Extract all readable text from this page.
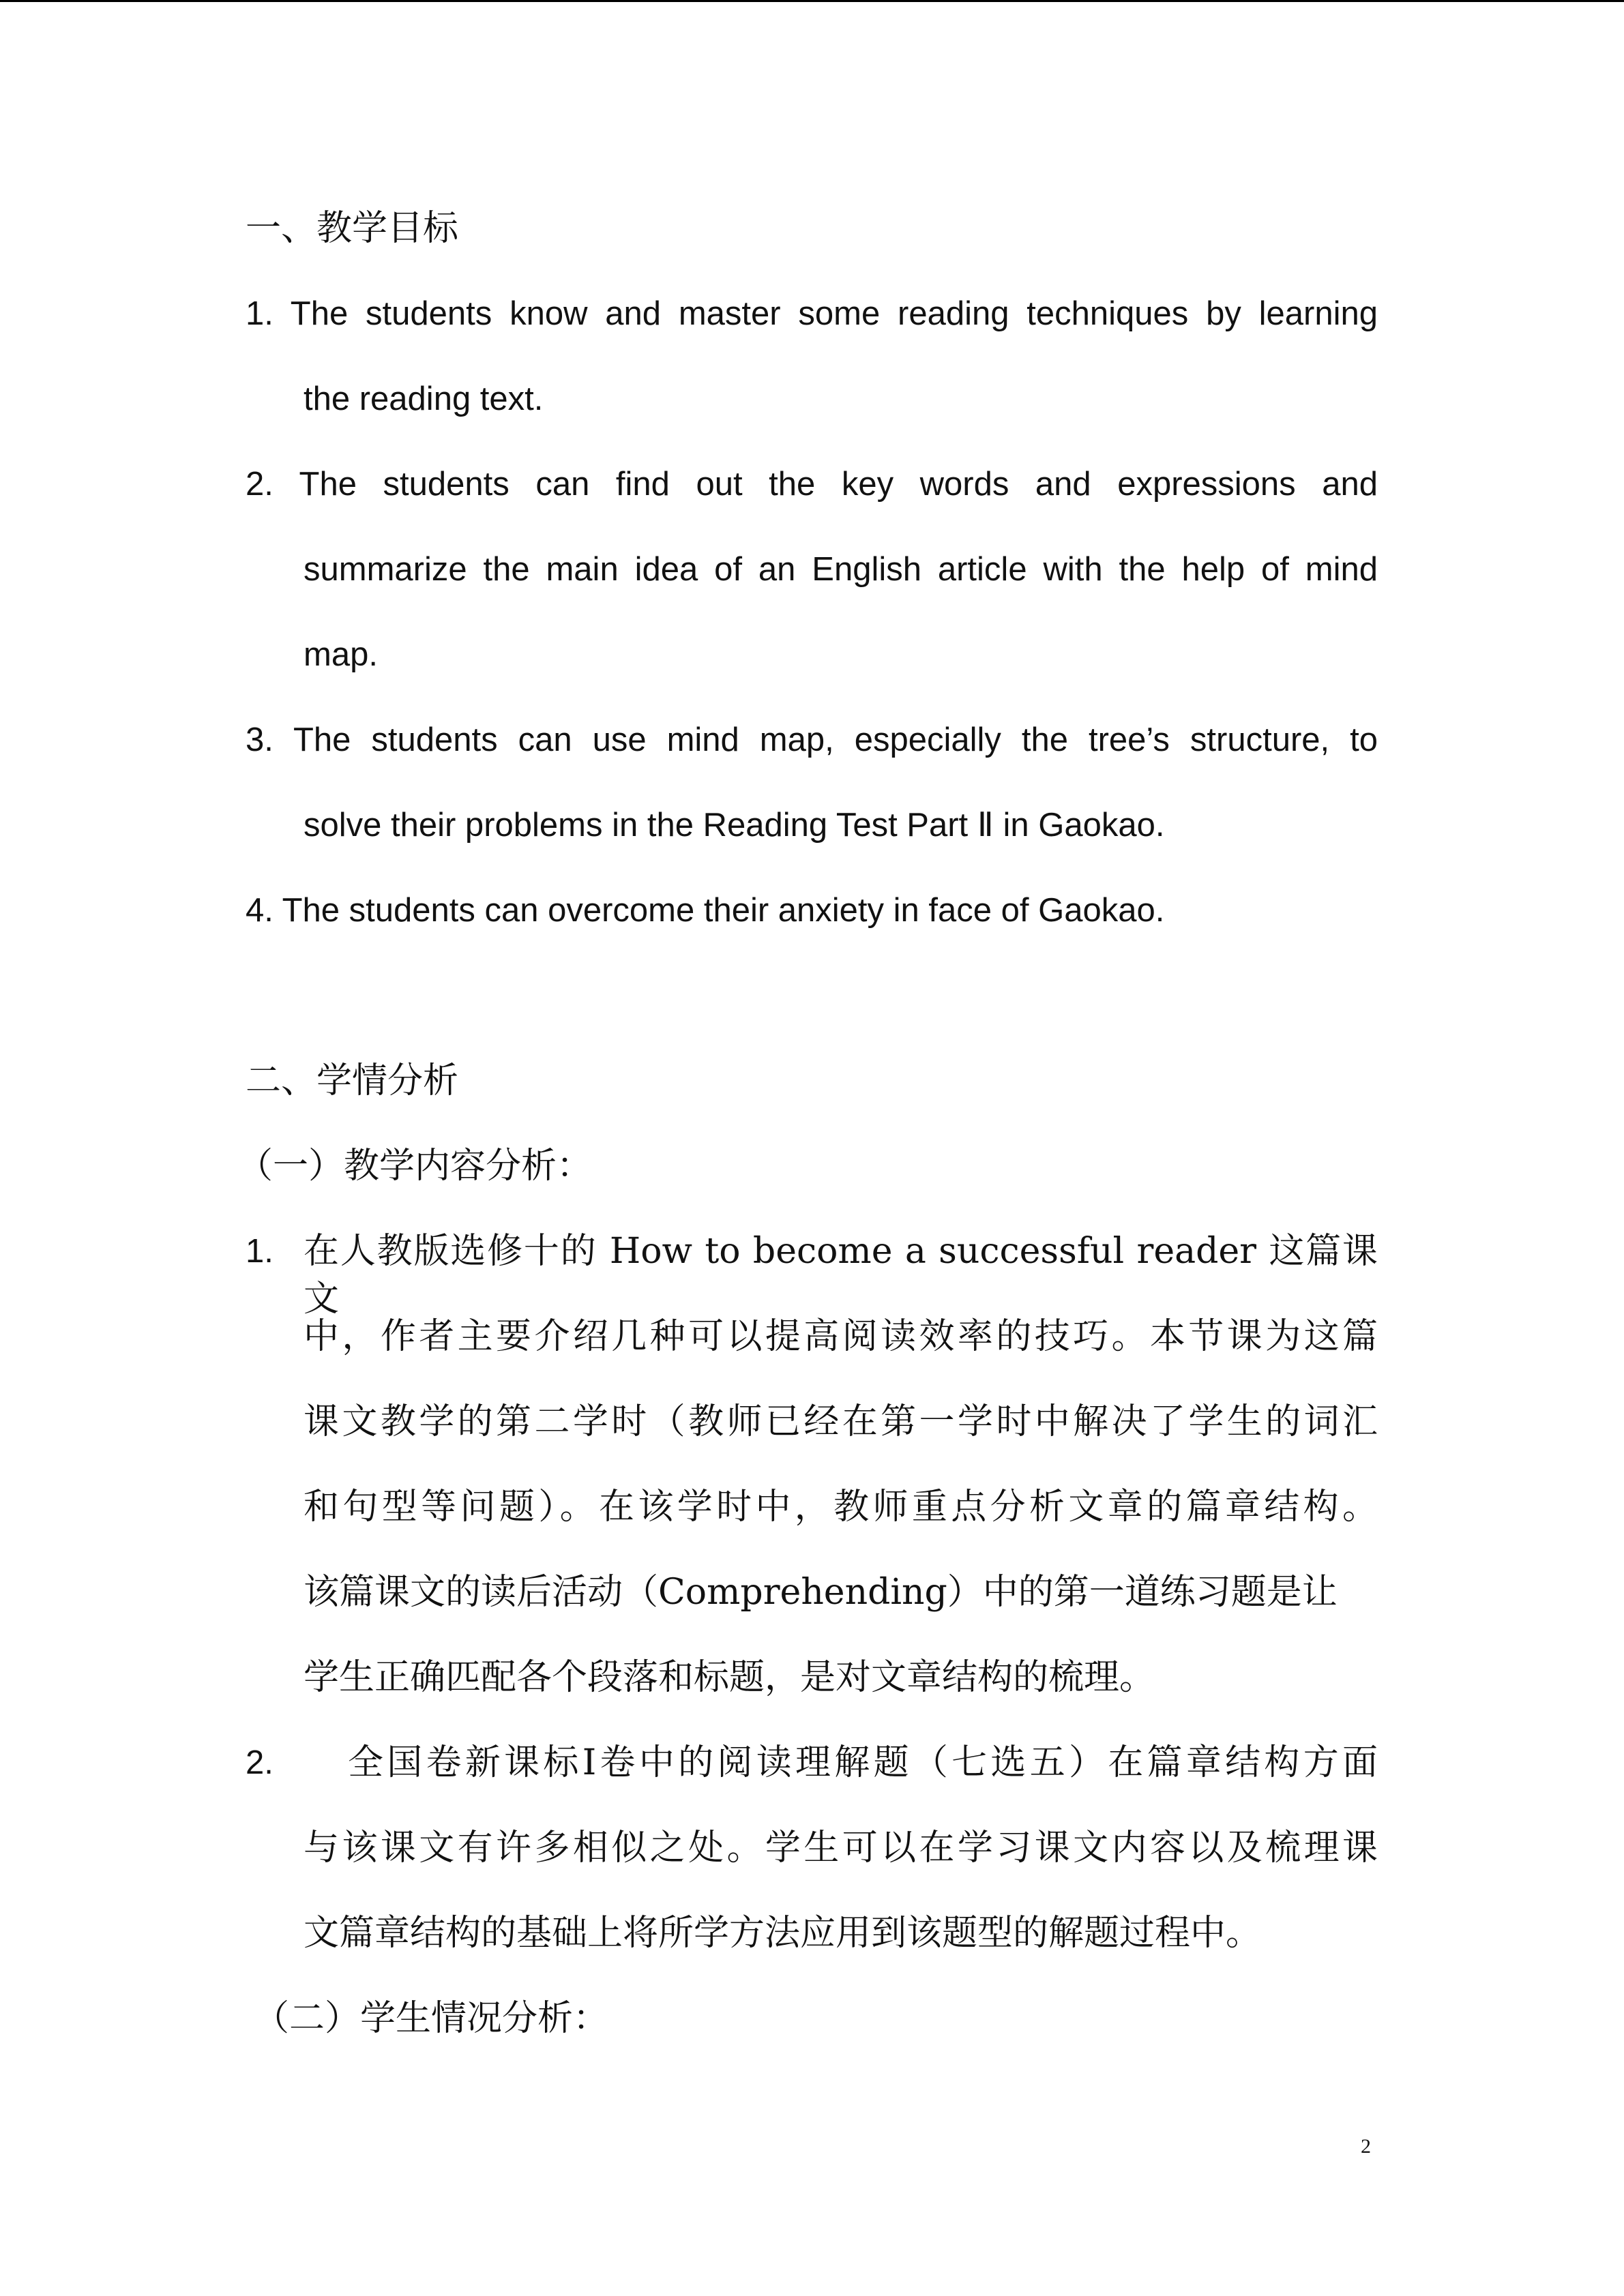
一、教学目标
1. The students know and master some reading techniques by learning
the reading text.
2. The students can find out the key words and expressions and
summarize the main idea of an English article with the help of mind
map.
3. The students can use mind map, especially the tree’s structure, to
solve their problems in the Reading Test Part Ⅱ in Gaokao.
4. The students can overcome their anxiety in face of Gaokao.
二、学情分析
（一）教学内容分析：
1. 在人教版选修十的 How to become a successful reader 这篇课文
中，作者主要介绍几种可以提高阅读效率的技巧。本节课为这篇
课文教学的第二学时（教师已经在第一学时中解决了学生的词汇
和句型等问题）。在该学时中，教师重点分析文章的篇章结构。
该篇课文的读后活动（Comprehending）中的第一道练习题是让
学生正确匹配各个段落和标题，是对文章结构的梳理。
2. 全国卷新课标Ⅰ卷中的阅读理解题（七选五）在篇章结构方面
与该课文有许多相似之处。学生可以在学习课文内容以及梳理课
文篇章结构的基础上将所学方法应用到该题型的解题过程中。
（二）学生情况分析：
2
